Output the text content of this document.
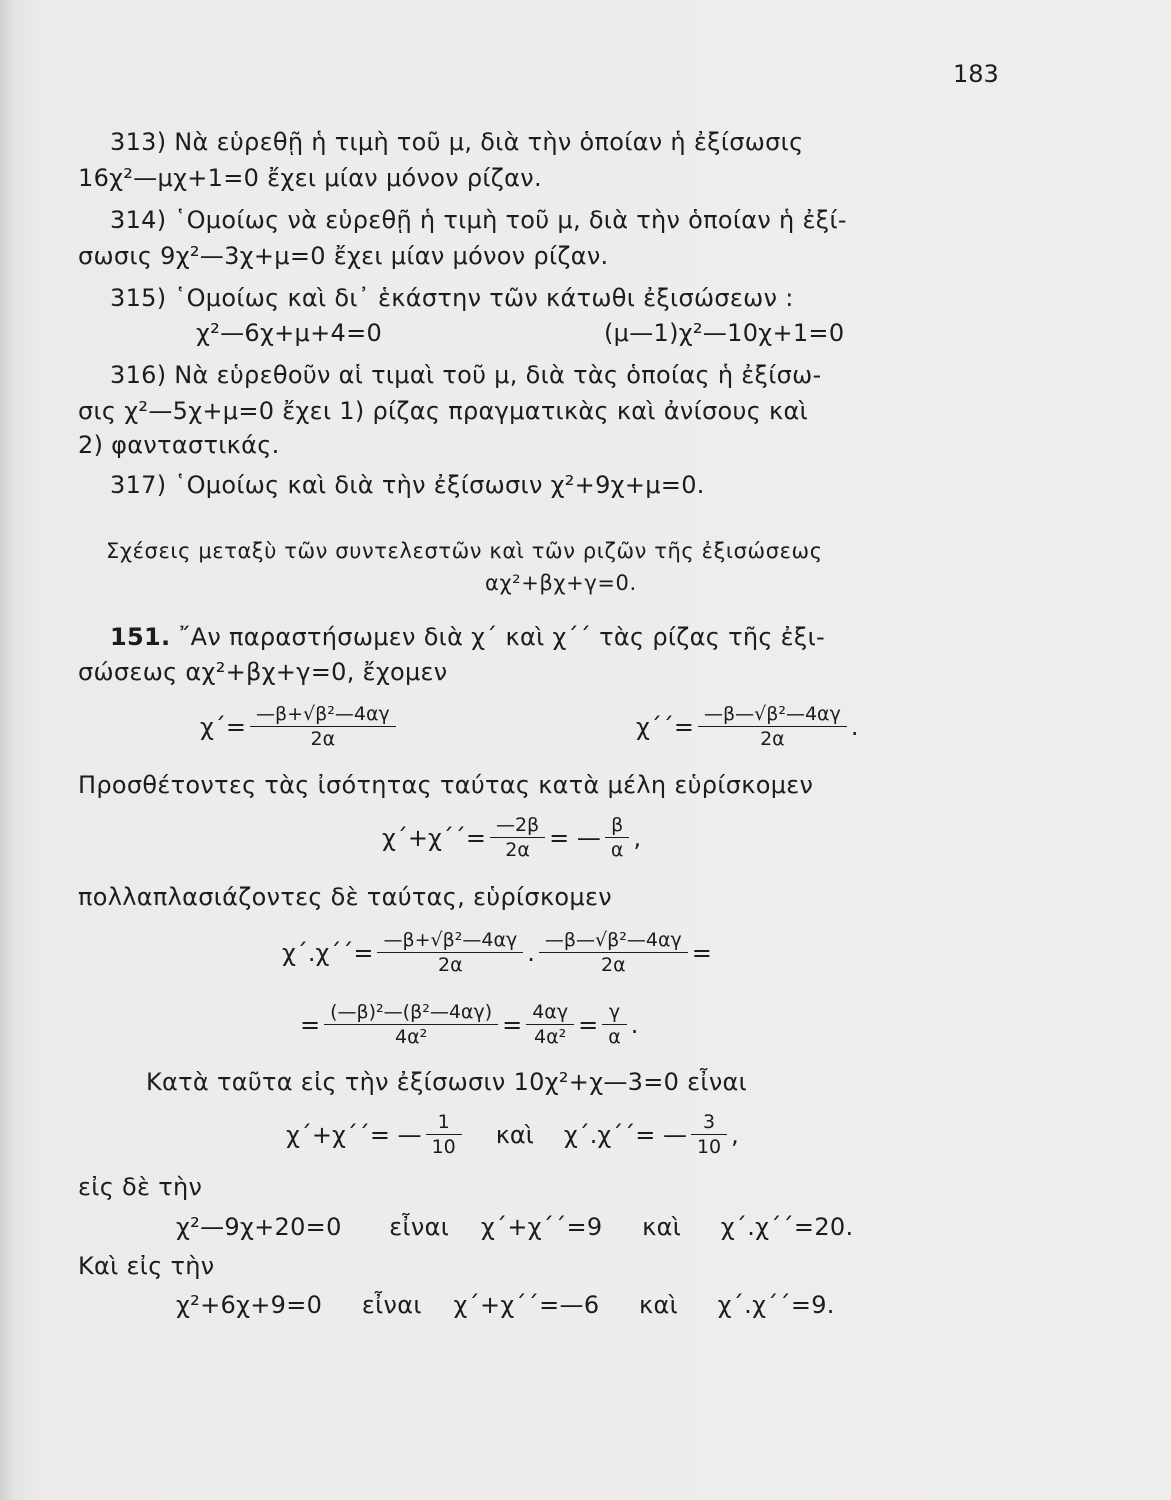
183
313) Νὰ εὑρεθῇ ἡ τιμὴ τοῦ μ, διὰ τὴν ὁποίαν ἡ ἐξίσωσις
16χ²—μχ+1=0 ἔχει μίαν μόνον ρίζαν.
314) ῾Ομοίως νὰ εὑρεθῇ ἡ τιμὴ τοῦ μ, διὰ τὴν ὁποίαν ἡ ἐξί-
σωσις 9χ²—3χ+μ=0 ἔχει μίαν μόνον ρίζαν.
315) ῾Ομοίως καὶ δι᾿ ἑκάστην τῶν κάτωθι ἐξισώσεων :
χ²—6χ+μ+4=0	(μ—1)χ²—10χ+1=0
316) Νὰ εὑρεθοῦν αἱ τιμαὶ τοῦ μ, διὰ τὰς ὁποίας ἡ ἐξίσω-
σις χ²—5χ+μ=0 ἔχει 1) ρίζας πραγματικὰς καὶ ἀνίσους καὶ
2) φανταστικάς.
317) ῾Ομοίως καὶ διὰ τὴν ἐξίσωσιν χ²+9χ+μ=0.
Σχέσεις μεταξὺ τῶν συντελεστῶν καὶ τῶν ριζῶν τῆς ἐξισώσεως
αχ²+βχ+γ=0.
151. ῎Αν παραστήσωμεν διὰ χ΄ καὶ χ΄΄ τὰς ρίζας τῆς ἐξι-
σώσεως αχ²+βχ+γ=0, ἔχομεν
$\chi΄= \frac{\text{—β+√β²—4αγ}}{2\alpha}$	$\chi΄΄= \frac{\text{—β—√β²—4αγ}}{2\alpha}$ .
Προσθέτοντες τὰς ἰσότητας ταύτας κατὰ μέλη εὑρίσκομεν
$\chi΄+\chi΄΄= \frac{—2\beta}{2\alpha}$ = — $\frac{\beta}{\alpha}$ ,
πολλαπλασιάζοντες δὲ ταύτας, εὑρίσκομεν
$\chi΄.\chi΄΄= \frac{\text{—β+√β²—4αγ}}{2\alpha}$ . $\frac{\text{—β—√β²—4αγ}}{2\alpha}$ =
= $\frac{\text{(—β)²—(β²—4αγ)}}{\text{4α²}} = \frac{4\alpha\gamma}{\text{4α²}} = \frac{\gamma}{\alpha}$ .
Κατὰ ταῦτα εἰς τὴν ἐξίσωσιν 10χ²+χ—3=0 εἶναι
χ΄+χ΄΄= — $\frac{1}{10}$ καὶ χ΄.χ΄΄= — $\frac{3}{10}$ ,
εἰς δὲ τὴν
χ²—9χ+20=0      εἶναι    χ΄+χ΄΄=9     καὶ     χ΄.χ΄΄=20.
Καὶ εἰς τὴν
χ²+6χ+9=0     εἶναι    χ΄+χ΄΄=—6     καὶ     χ΄.χ΄΄=9.
